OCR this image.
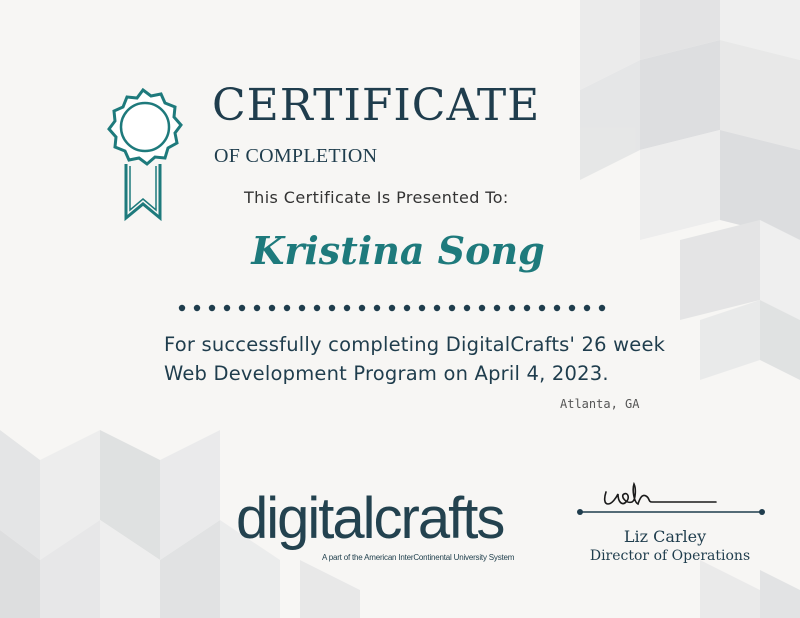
CERTIFICATE
OF COMPLETION
This Certificate Is Presented To:
Kristina Song
For successfully completing DigitalCrafts' 26 week Web Development Program on April 4, 2023.
Atlanta, GA
digitalcrafts
A part of the American InterContinental University System
Liz Carley
Director of Operations
